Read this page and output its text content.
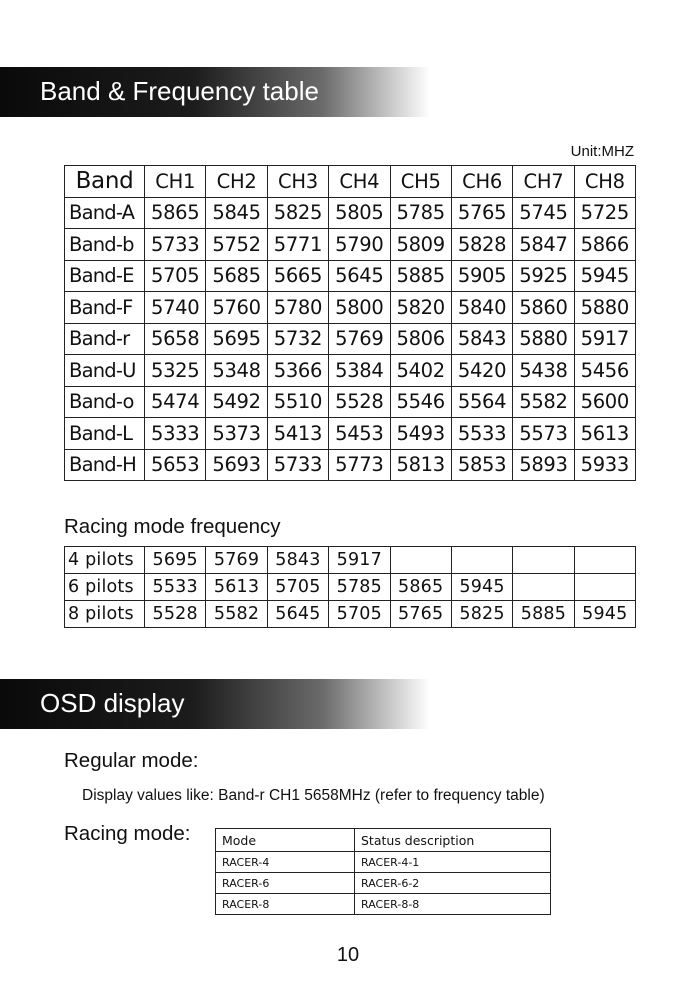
Band & Frequency table
Unit:MHZ
Band	CH1	CH2	CH3	CH4	CH5	CH6	CH7	CH8
Band-A	5865	5845	5825	5805	5785	5765	5745	5725
Band-b	5733	5752	5771	5790	5809	5828	5847	5866
Band-E	5705	5685	5665	5645	5885	5905	5925	5945
Band-F	5740	5760	5780	5800	5820	5840	5860	5880
Band-r	5658	5695	5732	5769	5806	5843	5880	5917
Band-U	5325	5348	5366	5384	5402	5420	5438	5456
Band-o	5474	5492	5510	5528	5546	5564	5582	5600
Band-L	5333	5373	5413	5453	5493	5533	5573	5613
Band-H	5653	5693	5733	5773	5813	5853	5893	5933
Racing mode frequency
4 pilots	5695	5769	5843	5917				
6 pilots	5533	5613	5705	5785	5865	5945		
8 pilots	5528	5582	5645	5705	5765	5825	5885	5945
OSD display
Regular mode:
Display values like: Band-r CH1 5658MHz (refer to frequency table)
Racing mode:	Mode	Status description
RACER-4	RACER-4-1
RACER-6	RACER-6-2
RACER-8	RACER-8-8
10
